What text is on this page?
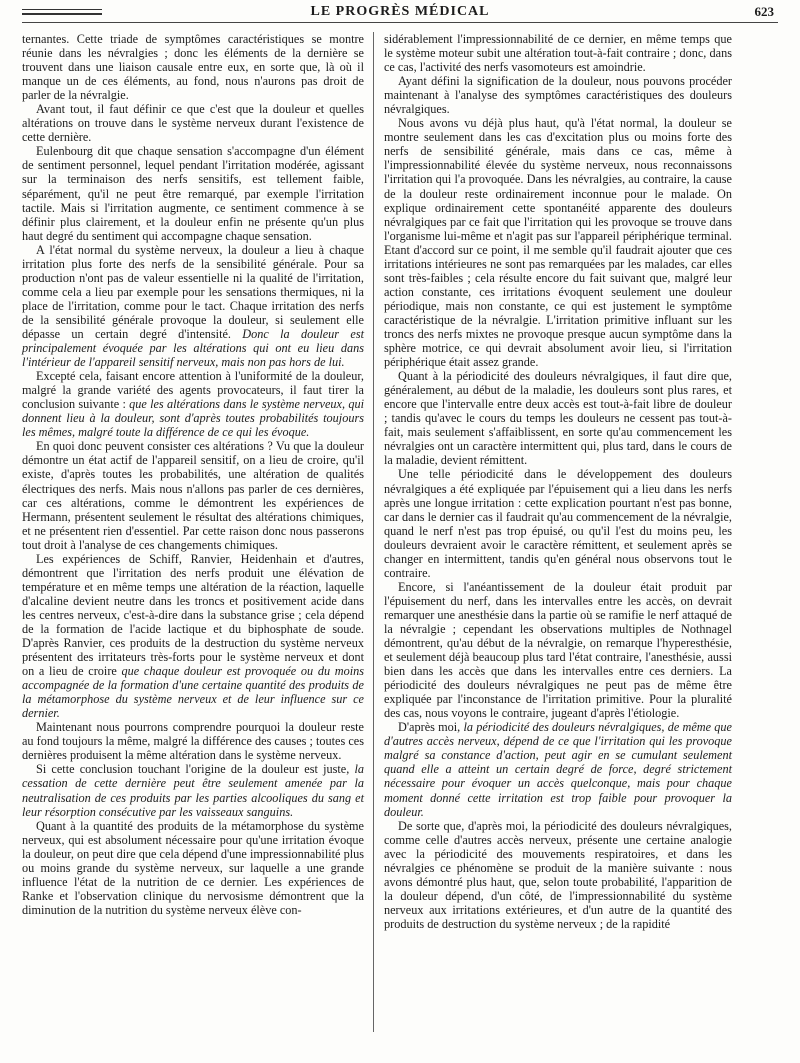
LE PROGRÈS MÉDICAL	623

ternantes. Cette triade de symptômes caractéristiques se montre réunie dans les névralgies ; donc les éléments de la dernière se trouvent dans une liaison causale entre eux, en sorte que, là où il manque un de ces éléments, au fond, nous n'aurons pas droit de parler de la névralgie.

Avant tout, il faut définir ce que c'est que la douleur et quelles altérations on trouve dans le système nerveux durant l'existence de cette dernière.

Eulenbourg dit que chaque sensation s'accompagne d'un élément de sentiment personnel, lequel pendant l'irritation modérée, agissant sur la terminaison des nerfs sensitifs, est tellement faible, séparément, qu'il ne peut être remarqué, par exemple l'irritation tactile. Mais si l'irritation augmente, ce sentiment commence à se définir plus clairement, et la douleur enfin ne présente qu'un plus haut degré du sentiment qui accompagne chaque sensation.

A l'état normal du système nerveux, la douleur a lieu à chaque irritation plus forte des nerfs de la sensibilité générale. Pour sa production n'ont pas de valeur essentielle ni la qualité de l'irritation, comme cela a lieu par exemple pour les sensations thermiques, ni la place de l'irritation, comme pour le tact. Chaque irritation des nerfs de la sensibilité générale provoque la douleur, si seulement elle dépasse un certain degré d'intensité. Donc la douleur est principalement évoquée par les altérations qui ont eu lieu dans l'intérieur de l'appareil sensitif nerveux, mais non pas hors de lui.

Excepté cela, faisant encore attention à l'uniformité de la douleur, malgré la grande variété des agents provocateurs, il faut tirer la conclusion suivante : que les altérations dans le système nerveux, qui donnent lieu à la douleur, sont d'après toutes probabilités toujours les mêmes, malgré toute la différence de ce qui les évoque.

En quoi donc peuvent consister ces altérations ? Vu que la douleur démontre un état actif de l'appareil sensitif, on a lieu de croire, qu'il existe, d'après toutes les probabilités, une altération de qualités électriques des nerfs. Mais nous n'allons pas parler de ces dernières, car ces altérations, comme le démontrent les expériences de Hermann, présentent seulement le résultat des altérations chimiques, et ne présentent rien d'essentiel. Par cette raison donc nous passerons tout droit à l'analyse de ces changements chimiques.

Les expériences de Schiff, Ranvier, Heidenhain et d'autres, démontrent que l'irritation des nerfs produit une élévation de température et en même temps une altération de la réaction, laquelle d'alcaline devient neutre dans les troncs et positivement acide dans les centres nerveux, c'est-à-dire dans la substance grise ; cela dépend de la formation de l'acide lactique et du biphosphate de soude. D'après Ranvier, ces produits de la destruction du système nerveux présentent des irritateurs très-forts pour le système nerveux et dont on a lieu de croire que chaque douleur est provoquée ou du moins accompagnée de la formation d'une certaine quantité des produits de la métamorphose du système nerveux et de leur influence sur ce dernier.

Maintenant nous pourrons comprendre pourquoi la douleur reste au fond toujours la même, malgré la différence des causes ; toutes ces dernières produisent la même altération dans le système nerveux.

Si cette conclusion touchant l'origine de la douleur est juste, la cessation de cette dernière peut être seulement amenée par la neutralisation de ces produits par les parties alcooliques du sang et leur résorption consécutive par les vaisseaux sanguins.

Quant à la quantité des produits de la métamorphose du système nerveux, qui est absolument nécessaire pour qu'une irritation évoque la douleur, on peut dire que cela dépend d'une impressionnabilité plus ou moins grande du système nerveux, sur laquelle a une grande influence l'état de la nutrition de ce dernier. Les expériences de Ranke et l'observation clinique du nervosisme démontrent que la diminution de la nutrition du système nerveux élève con-

sidérablement l'impressionnabilité de ce dernier, en même temps que le système moteur subit une altération tout-à-fait contraire ; donc, dans ce cas, l'activité des nerfs vasomoteurs est amoindrie.

Ayant défini la signification de la douleur, nous pouvons procéder maintenant à l'analyse des symptômes caractéristiques des douleurs névralgiques.

Nous avons vu déjà plus haut, qu'à l'état normal, la douleur se montre seulement dans les cas d'excitation plus ou moins forte des nerfs de sensibilité générale, mais dans ce cas, même à l'impressionnabilité élevée du système nerveux, nous reconnaissons l'irritation qui l'a provoquée. Dans les névralgies, au contraire, la cause de la douleur reste ordinairement inconnue pour le malade. On explique ordinairement cette spontanéité apparente des douleurs névralgiques par ce fait que l'irritation qui les provoque se trouve dans l'organisme lui-même et n'agit pas sur l'appareil périphérique terminal. Etant d'accord sur ce point, il me semble qu'il faudrait ajouter que ces irritations intérieures ne sont pas remarquées par les malades, car elles sont très-faibles ; cela résulte encore du fait suivant que, malgré leur action constante, ces irritations évoquent seulement une douleur périodique, mais non constante, ce qui est justement le symptôme caractéristique de la névralgie. L'irritation primitive influant sur les troncs des nerfs mixtes ne provoque presque aucun symptôme dans la sphère motrice, ce qui devrait absolument avoir lieu, si l'irritation périphérique était assez grande.

Quant à la périodicité des douleurs névralgiques, il faut dire que, généralement, au début de la maladie, les douleurs sont plus rares, et encore que l'intervalle entre deux accès est tout-à-fait libre de douleur ; tandis qu'avec le cours du temps les douleurs ne cessent pas tout-à-fait, mais seulement s'affaiblissent, en sorte qu'au commencement les névralgies ont un caractère intermittent qui, plus tard, dans le cours de la maladie, devient rémittent.

Une telle périodicité dans le développement des douleurs névralgiques a été expliquée par l'épuisement qui a lieu dans les nerfs après une longue irritation : cette explication pourtant n'est pas bonne, car dans le dernier cas il faudrait qu'au commencement de la névralgie, quand le nerf n'est pas trop épuisé, ou qu'il l'est du moins peu, les douleurs devraient avoir le caractère rémittent, et seulement après se changer en intermittent, tandis qu'en général nous observons tout le contraire.

Encore, si l'anéantissement de la douleur était produit par l'épuisement du nerf, dans les intervalles entre les accès, on devrait remarquer une anesthésie dans la partie où se ramifie le nerf attaqué de la névralgie ; cependant les observations multiples de Nothnagel démontrent, qu'au début de la névralgie, on remarque l'hyperesthésie, et seulement déjà beaucoup plus tard l'état contraire, l'anesthésie, aussi bien dans les accès que dans les intervalles entre ces derniers. La périodicité des douleurs névralgiques ne peut pas de même être expliquée par l'inconstance de l'irritation primitive. Pour la pluralité des cas, nous voyons le contraire, jugeant d'après l'étiologie.

D'après moi, la périodicité des douleurs névralgiques, de même que d'autres accès nerveux, dépend de ce que l'irritation qui les provoque malgré sa constance d'action, peut agir en se cumulant seulement quand elle a atteint un certain degré de force, degré strictement nécessaire pour évoquer un accès quelconque, mais pour chaque moment donné cette irritation est trop faible pour provoquer la douleur.

De sorte que, d'après moi, la périodicité des douleurs névralgiques, comme celle d'autres accès nerveux, présente une certaine analogie avec la périodicité des mouvements respiratoires, et dans les névralgies ce phénomène se produit de la manière suivante : nous avons démontré plus haut, que, selon toute probabilité, l'apparition de la douleur dépend, d'un côté, de l'impressionnabilité du système nerveux aux irritations extérieures, et d'un autre de la quantité des produits de destruction du système nerveux ; de la rapidité
